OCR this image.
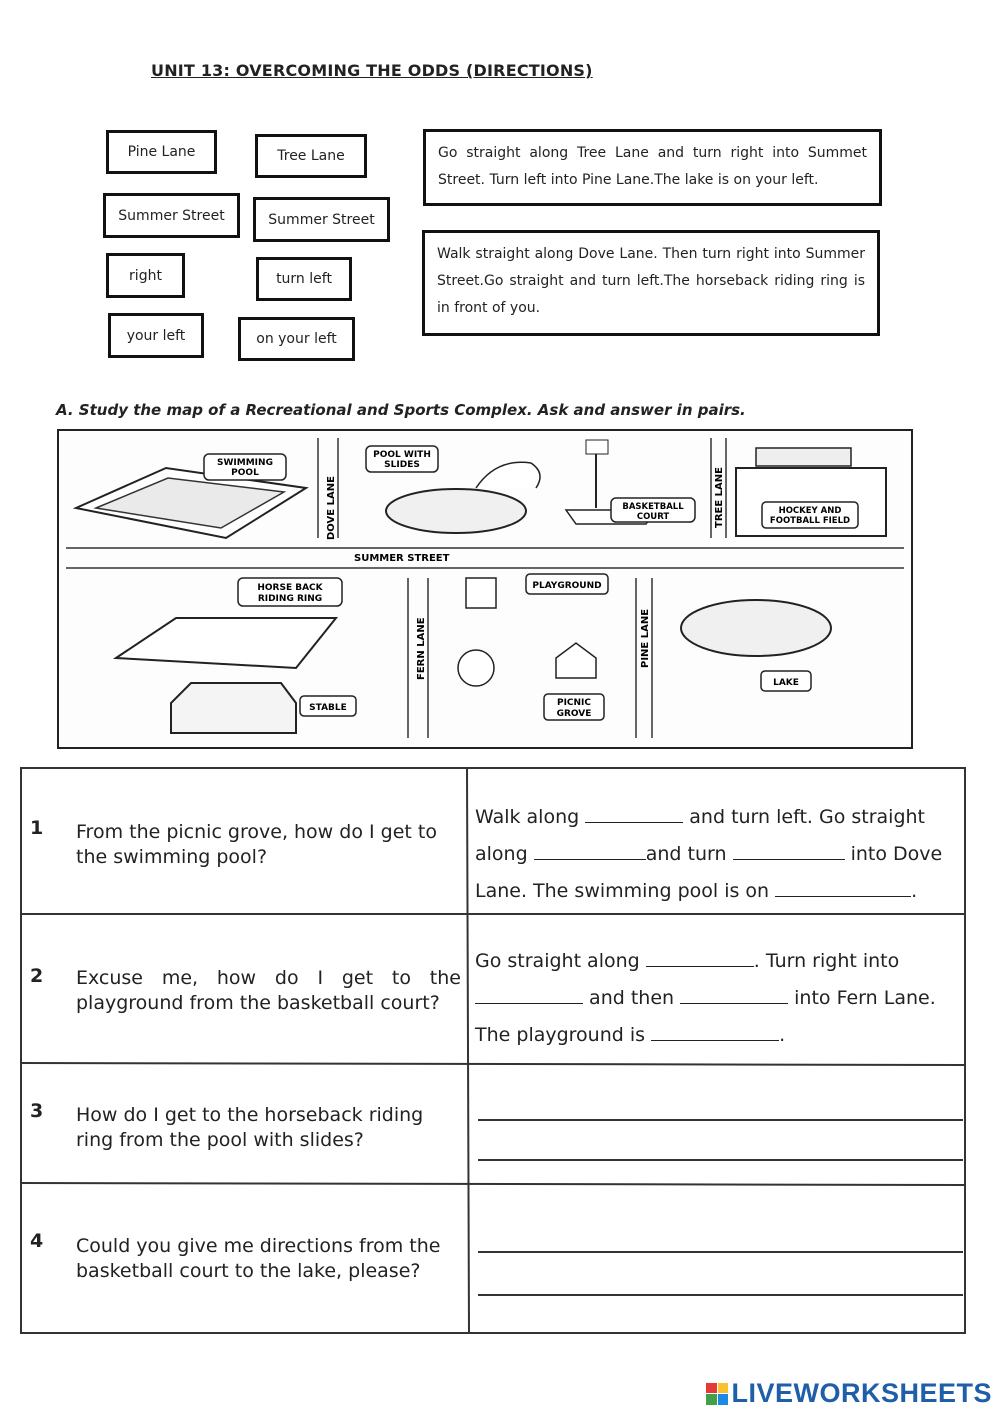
UNIT 13: OVERCOMING THE ODDS (DIRECTIONS)
Pine Lane	Tree Lane
Summer Street	Summer Street
right	turn left
your left	on your left
Go straight along Tree Lane and turn right into Summet Street. Turn left into Pine Lane.The lake is on your left.
Walk straight along Dove Lane. Then turn right into Summer Street.Go straight and turn left.The horseback riding ring is in front of you.
A. Study the map of a Recreational and Sports Complex. Ask and answer in pairs.
SWIMMING
POOL
POOL WITH
SLIDES
BASKETBALL
COURT
HOCKEY AND
FOOTBALL FIELD
DOVE LANE	TREE LANE
SUMMER STREET
FERN LANE	PINE LANE
HORSE BACK
RIDING RING
STABLE
PLAYGROUND
PICNIC
GROVE
LAKE
1 From the picnic grove, how do I get to the swimming pool?
Walk along	and turn left. Go straight
along	and turn	into Dove
Lane. The swimming pool is on	.
2 Excuse me, how do I get to the playground from the basketball court?
Go straight along	. Turn right into
and then	into Fern Lane.
The playground is	.
3 How do I get to the horseback riding ring from the pool with slides?
4 Could you give me directions from the basketball court to the lake, please?
LIVEWORKSHEETS
